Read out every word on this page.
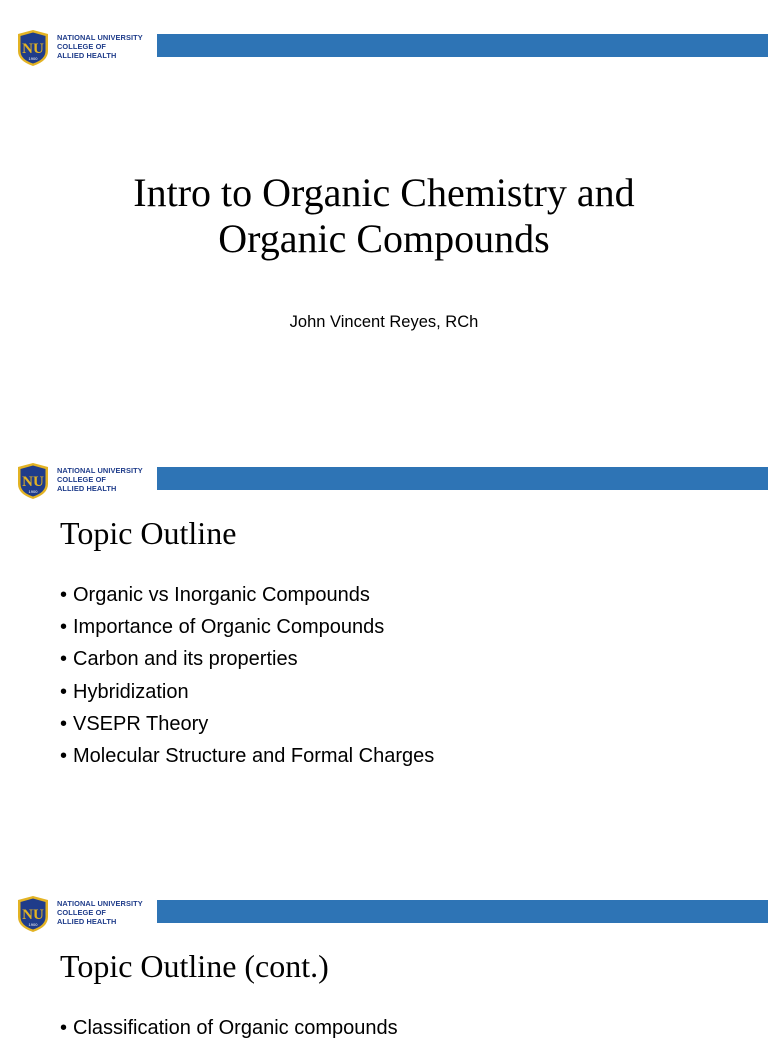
NU
1900
NATIONAL UNIVERSITY
COLLEGE OF
ALLIED HEALTH
Intro to Organic Chemistry and
Organic Compounds
John Vincent Reyes, RCh
NU
1900
NATIONAL UNIVERSITY
COLLEGE OF
ALLIED HEALTH
Topic Outline
• Organic vs Inorganic Compounds
• Importance of Organic Compounds
• Carbon and its properties
• Hybridization
• VSEPR Theory
• Molecular Structure and Formal Charges
NU
1900
NATIONAL UNIVERSITY
COLLEGE OF
ALLIED HEALTH
Topic Outline (cont.)
• Classification of Organic compounds
